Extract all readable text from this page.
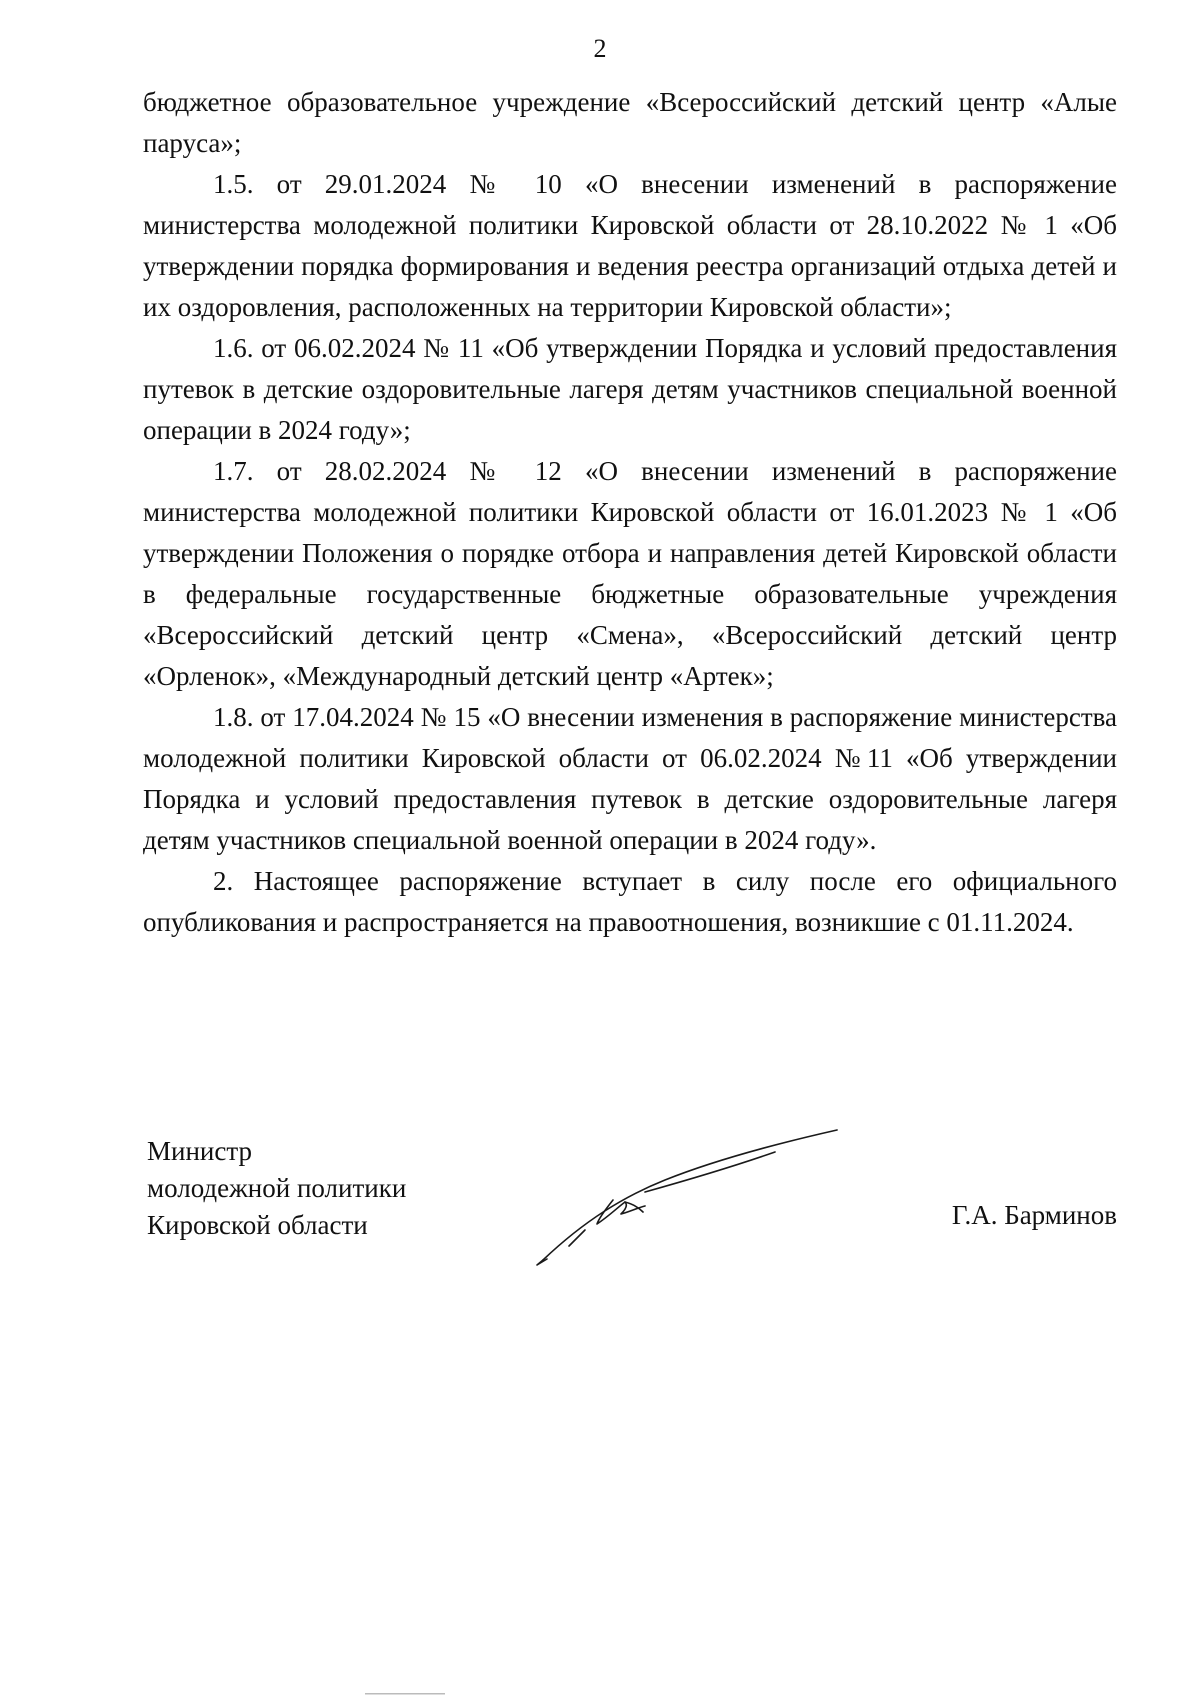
2

бюджетное образовательное учреждение «Всероссийский детский центр «Алые паруса»;

1.5. от 29.01.2024 № 10 «О внесении изменений в распоряжение министерства молодежной политики Кировской области от 28.10.2022 № 1 «Об утверждении порядка формирования и ведения реестра организаций отдыха детей и их оздоровления, расположенных на территории Кировской области»;

1.6. от 06.02.2024 № 11 «Об утверждении Порядка и условий предоставления путевок в детские оздоровительные лагеря детям участников специальной военной операции в 2024 году»;

1.7. от 28.02.2024 № 12 «О внесении изменений в распоряжение министерства молодежной политики Кировской области от 16.01.2023 № 1 «Об утверждении Положения о порядке отбора и направления детей Кировской области в федеральные государственные бюджетные образовательные учреждения «Всероссийский детский центр «Смена», «Всероссийский детский центр «Орленок», «Международный детский центр «Артек»;

1.8. от 17.04.2024 № 15 «О внесении изменения в распоряжение министерства молодежной политики Кировской области от 06.02.2024 №11 «Об утверждении Порядка и условий предоставления путевок в детские оздоровительные лагеря детям участников специальной военной операции в 2024 году».

2. Настоящее распоряжение вступает в силу после его официального опубликования и распространяется на правоотношения, возникшие с 01.11.2024.

Министр
молодежной политики
Кировской области	Г.А. Барминов
